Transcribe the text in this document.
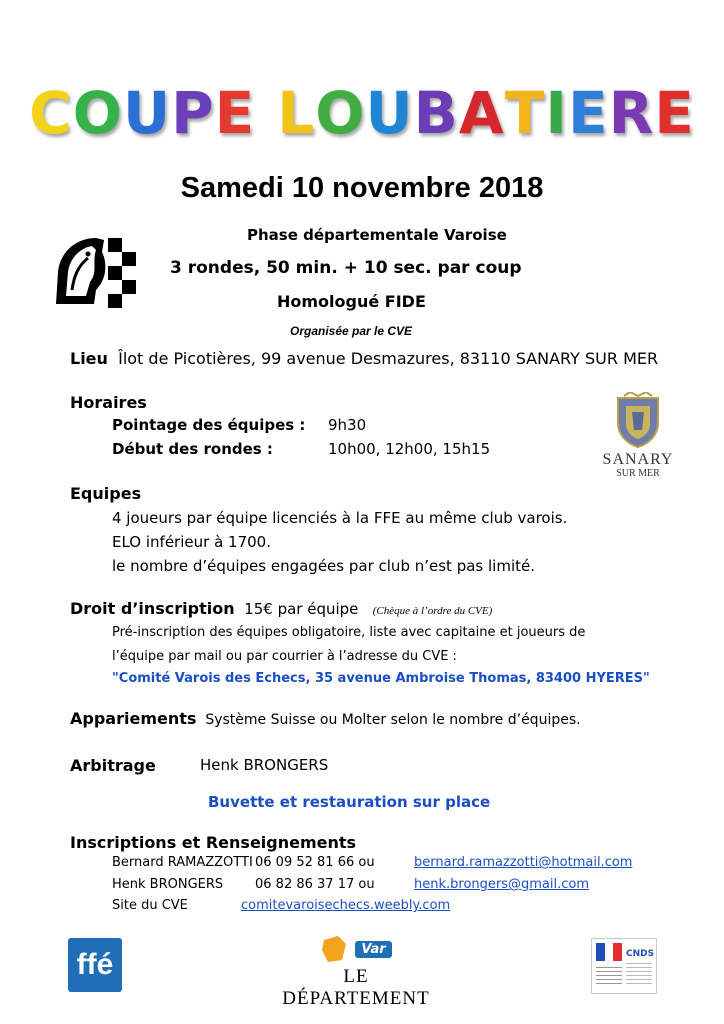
COUPE LOUBATIERE
Samedi 10 novembre 2018
Phase départementale Varoise
3 rondes, 50 min. + 10 sec. par coup
Homologué FIDE
Organisée par le CVE
Lieu Îlot de Picotières, 99 avenue Desmazures, 83110 SANARY SUR MER
Horaires
Pointage des équipes : 9h30
Début des rondes :	10h00, 12h00, 15h15
SANARY
SUR MER
Equipes
4 joueurs par équipe licenciés à la FFE au même club varois.
ELO inférieur à 1700.
le nombre d’équipes engagées par club n’est pas limité.
Droit d’inscription 15€ par équipe (Chèque à l’ordre du CVE)
Pré-inscription des équipes obligatoire, liste avec capitaine et joueurs de
l’équipe par mail ou par courrier à l’adresse du CVE :
"Comité Varois des Echecs, 35 avenue Ambroise Thomas, 83400 HYERES"
Appariements Système Suisse ou Molter selon le nombre d’équipes.
Arbitrage	Henk BRONGERS
Buvette et restauration sur place
Inscriptions et Renseignements
Bernard RAMAZZOTTI 06 09 52 81 66 ou	bernard.ramazzotti@hotmail.com
Henk BRONGERS 06 82 86 37 17 ou	henk.brongers@gmail.com
Site du CVE	comitevaroisechecs.weebly.com
ffé	Var
LE DÉPARTEMENT
CNDS
